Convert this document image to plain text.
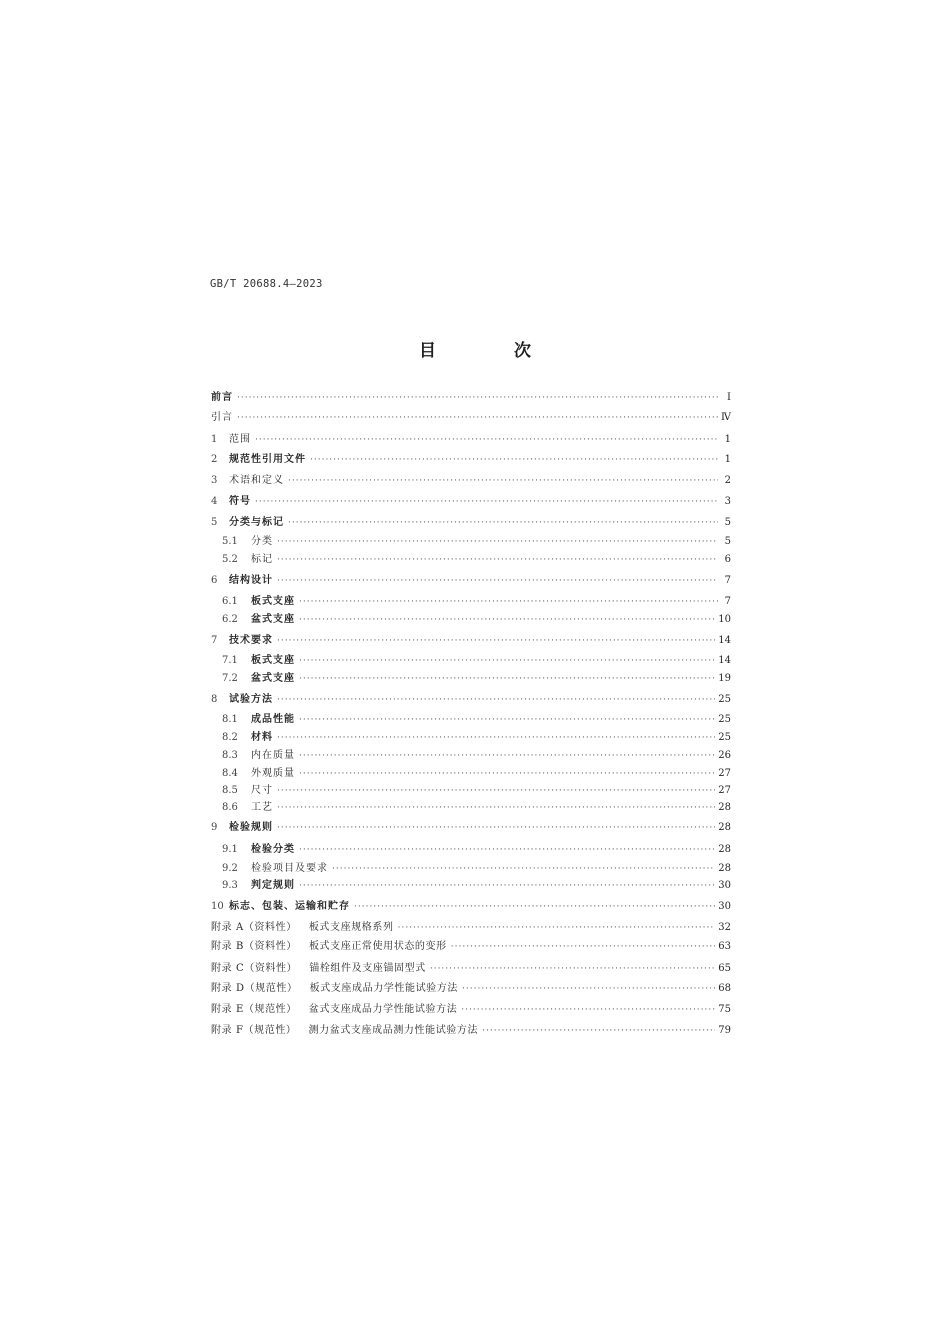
GB/T 20688.4—2023
目 次
前言 ·····	Ⅰ
引言 ·····	Ⅳ
1	范围 ·····	1
2	规范性引用文件 ·····	1
3	术语和定义 ·····	2
4	符号 ·····	3
5	分类与标记 ·····	5
5.1	分类 ·····	5
5.2	标记 ·····	6
6	结构设计 ·····	7
6.1	板式支座 ·····	7
6.2	盆式支座 ·····	10
7	技术要求 ·····	14
7.1	板式支座 ·····	14
7.2	盆式支座 ·····	19
8	试验方法 ·····	25
8.1	成品性能 ·····	25
8.2	材料 ·····	25
8.3	内在质量 ·····	26
8.4	外观质量 ·····	27
8.5	尺寸 ·····	27
8.6	工艺 ·····	28
9	检验规则 ·····	28
9.1	检验分类 ·····	28
9.2	检验项目及要求 ·····	28
9.3	判定规则 ·····	30
10 标志、包装、运输和贮存 ·····	30
附录 A（资料性） 板式支座规格系列 ·····	32
附录 B（资料性） 板式支座正常使用状态的变形 ·····	63
附录 C（资料性） 锚栓组件及支座锚固型式 ·····	65
附录 D（规范性） 板式支座成品力学性能试验方法 ·····	68
附录 E（规范性） 盆式支座成品力学性能试验方法 ·····	75
附录 F（规范性） 测力盆式支座成品测力性能试验方法 ·····	79
